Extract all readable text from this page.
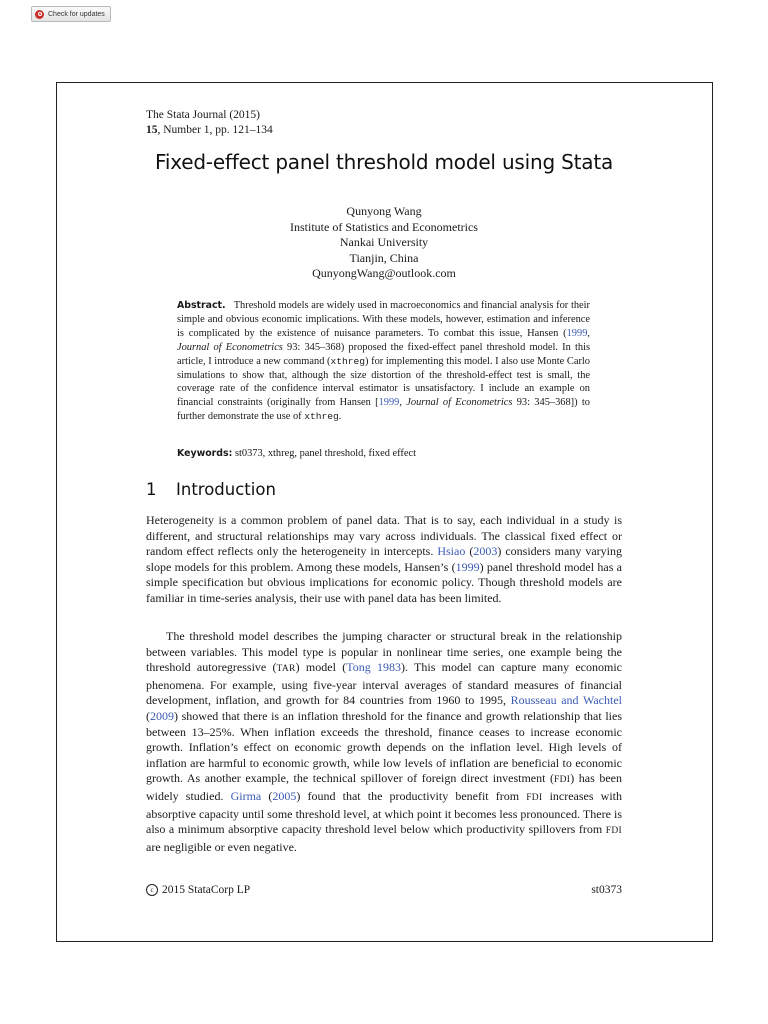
Check for updates
The Stata Journal (2015)
15, Number 1, pp. 121–134
Fixed-effect panel threshold model using Stata
Qunyong Wang
Institute of Statistics and Econometrics
Nankai University
Tianjin, China
QunyongWang@outlook.com
Abstract. Threshold models are widely used in macroeconomics and financial analysis for their simple and obvious economic implications. With these models, however, estimation and inference is complicated by the existence of nuisance parameters. To combat this issue, Hansen (1999, Journal of Econometrics 93: 345–368) proposed the fixed-effect panel threshold model. In this article, I introduce a new command (xthreg) for implementing this model. I also use Monte Carlo simulations to show that, although the size distortion of the threshold-effect test is small, the coverage rate of the confidence interval estimator is unsatisfactory. I include an example on financial constraints (originally from Hansen [1999, Journal of Econometrics 93: 345–368]) to further demonstrate the use of xthreg.
Keywords: st0373, xthreg, panel threshold, fixed effect
1 Introduction
Heterogeneity is a common problem of panel data. That is to say, each individual in a study is different, and structural relationships may vary across individuals. The classical fixed effect or random effect reflects only the heterogeneity in intercepts. Hsiao (2003) considers many varying slope models for this problem. Among these models, Hansen’s (1999) panel threshold model has a simple specification but obvious implications for economic policy. Though threshold models are familiar in time-series analysis, their use with panel data has been limited.
The threshold model describes the jumping character or structural break in the relationship between variables. This model type is popular in nonlinear time series, one example being the threshold autoregressive (TAR) model (Tong 1983). This model can capture many economic phenomena. For example, using five-year interval averages of standard measures of financial development, inflation, and growth for 84 countries from 1960 to 1995, Rousseau and Wachtel (2009) showed that there is an inflation threshold for the finance and growth relationship that lies between 13–25%. When inflation exceeds the threshold, finance ceases to increase economic growth. Inflation’s effect on economic growth depends on the inflation level. High levels of inflation are harmful to economic growth, while low levels of inflation are beneficial to economic growth. As another example, the technical spillover of foreign direct investment (FDI) has been widely studied. Girma (2005) found that the productivity benefit from FDI increases with absorptive capacity until some threshold level, at which point it becomes less pronounced. There is also a minimum absorptive capacity threshold level below which productivity spillovers from FDI are negligible or even negative.
c 2015 StataCorp LP	st0373
